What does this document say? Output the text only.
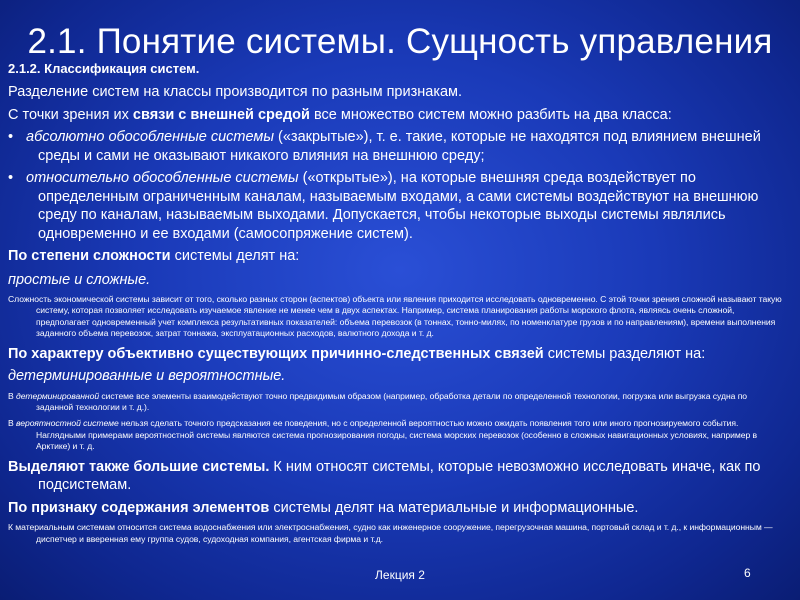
2.1. Понятие системы. Сущность управления

2.1.2. Классификация систем.

Разделение систем на классы производится по разным признакам.

С точки зрения их связи с внешней средой все множество систем можно разбить на два класса:

• абсолютно обособленные системы («закрытые»), т. е. такие, которые не находятся под влиянием внешней среды и сами не оказывают никакого влияния на внешнюю среду;

• относительно обособленные системы («открытые»), на которые внешняя среда воздействует по определенным ограниченным каналам, называемым входами, а сами системы воздействуют на внешнюю среду по каналам, называемым выходами. Допускается, чтобы некоторые выходы системы являлись одновременно и ее входами (самосопряжение систем).

По степени сложности системы делят на:

простые и сложные.

Сложность экономической системы зависит от того, сколько разных сторон (аспектов) объекта или явления приходится исследовать одновременно. С этой точки зрения сложной называют такую систему, которая позволяет исследовать изучаемое явление не менее чем в двух аспектах. Например, система планирования работы морского флота, являясь очень сложной, предполагает одновременный учет комплекса результативных показателей: объема перевозок (в тоннах, тонно-милях, по номенклатуре грузов и по направлениям), времени выполнения заданного объема перевозок, затрат тоннажа, эксплуатационных расходов, валютного дохода и т. д.

По характеру объективно существующих причинно-следственных связей системы разделяют на:

детерминированные и вероятностные.

В детерминированной системе все элементы взаимодействуют точно предвидимым образом (например, обработка детали по определенной технологии, погрузка или выгрузка судна по заданной технологии и т. д.).

В вероятностной системе нельзя сделать точного предсказания ее поведения, но с определенной вероятностью можно ожидать появления того или иного прогнозируемого события. Наглядными примерами вероятностной системы являются система прогнозирования погоды, система морских перевозок (особенно в сложных навигационных условиях, например в Арктике) и т. д.

Выделяют также большие системы. К ним относят системы, которые невозможно исследовать иначе, как по подсистемам.

По признаку содержания элементов системы делят на материальные и информационные.

К материальным системам относится система водоснабжения или электроснабжения, судно как инженерное сооружение, перегрузочная машина, портовый склад и т. д., к информационным — диспетчер и вверенная ему группа судов, судоходная компания, агентская фирма и т.д.

Лекция 2	6
